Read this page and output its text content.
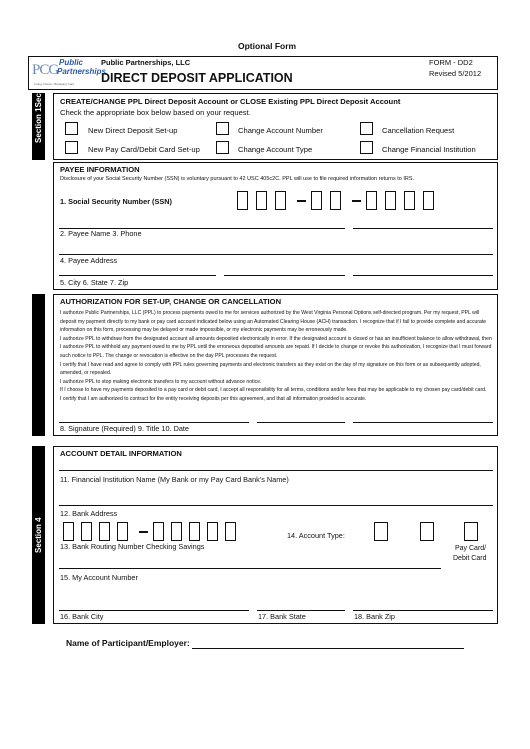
Optional Form
PCG Public
Partnerships
Living Choice, Managing Care
Public Partnerships, LLC
DIRECT DEPOSIT APPLICATION
FORM - DD2
Revised 5/2012
Section 1Sec CREATE/CHANGE PPL Direct Deposit Account or CLOSE Existing PPL Direct Deposit Account
Check the appropriate box below based on your request.
New Direct Deposit Set-up	Change Account Number	Cancellation Request
New Pay Card/Debit Card Set-up	Change Account Type	Change Financial Institution
PAYEE INFORMATION
Disclosure of your Social Security Number (SSN) is voluntary pursuant to 42 USC 405c2C. PPL will use to file required information returns to IRS.
1. Social Security Number (SSN)
2. Payee Name 3. Phone
4. Payee Address
5. City 6. State 7. Zip
AUTHORIZATION FOR SET-UP, CHANGE OR CANCELLATION

I authorize Public Partnerships, LLC (PPL) to process payments owed to me for services authorized by the West Virginia Personal Options self-directed program. Per my request, PPL will deposit my payment directly to my bank or pay card account indicated below using an Automated Clearing House (ACH) transaction. I recognize that if I fail to provide complete and accurate information on this form, processing may be delayed or made impossible, or my electronic payments may be erroneously made.

I authorize PPL to withdraw from the designated account all amounts deposited electronically in error. If the designated account is closed or has an insufficient balance to allow withdrawal, then I authorize PPL to withhold any payment owed to me by PPL until the erroneous deposited amounts are repaid. If I decide to change or revoke this authorization, I recognize that I must forward such notice to PPL. The change or revocation is effective on the day PPL processes the request.

I certify that I have read and agree to comply with PPL rules governing payments and electronic transfers as they exist on the day of my signature on this form or as subsequently adopted, amended, or repealed.

I authorize PPL to stop making electronic transfers to my account without advance notice.

If I choose to have my payments deposited to a pay card or debit card, I accept all responsibility for all terms, conditions and/or fees that may be applicable to my chosen pay card/debit card.

I certify that I am authorized to contract for the entity receiving deposits per this agreement, and that all information provided is accurate.

8. Signature (Required) 9. Title 10. Date
Section 4
ACCOUNT DETAIL INFORMATION
11. Financial Institution Name (My Bank or my Pay Card Bank's Name)
12. Bank Address
13. Bank Routing Number Checking Savings
14. Account Type:
Pay Card/
Debit Card
15. My Account Number
16. Bank City	17. Bank State	18. Bank Zip
Name of Participant/Employer:
